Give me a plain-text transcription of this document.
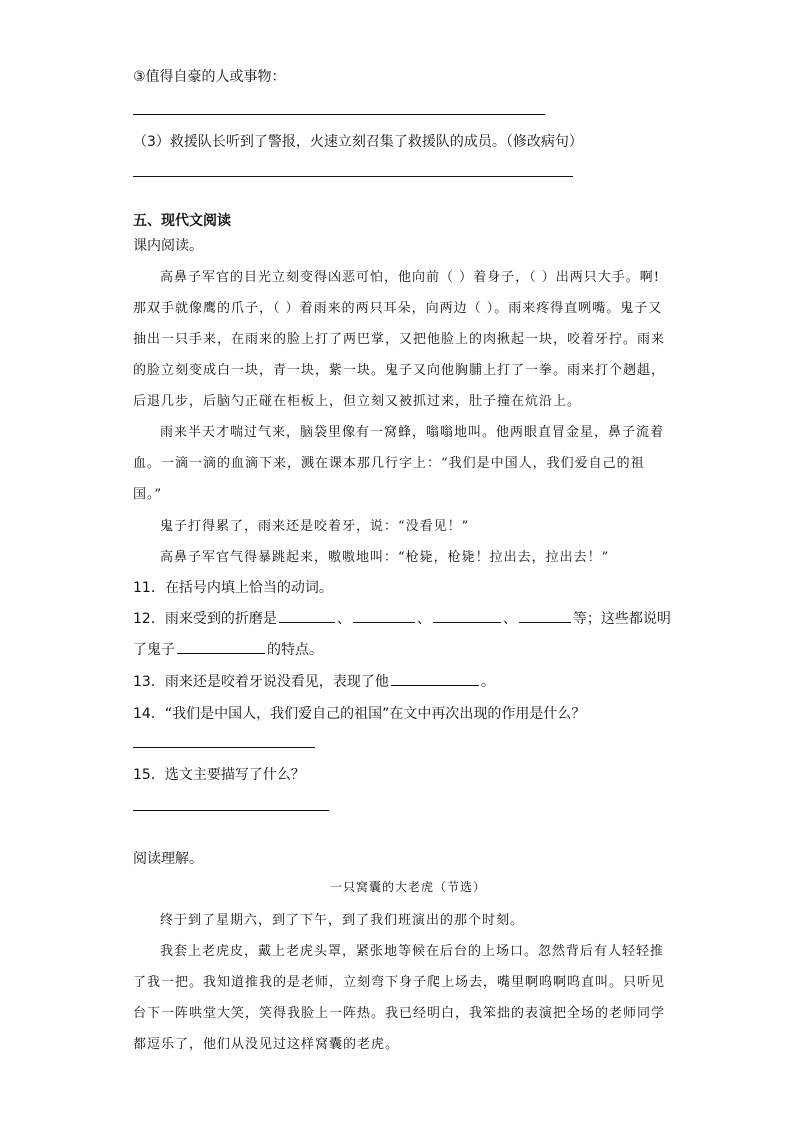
③值得自豪的人或事物：
（3）救援队长听到了警报，火速立刻召集了救援队的成员。（修改病句）
五、现代文阅读
课内阅读。
高鼻子军官的目光立刻变得凶恶可怕，他向前（ ）着身子，（ ）出两只大手。啊!
那双手就像鹰的爪子，（ ）着雨来的两只耳朵，向两边（ ）。雨来疼得直咧嘴。鬼子又
抽出一只手来，在雨来的脸上打了两巴掌，又把他脸上的肉揪起一块，咬着牙拧。雨来
的脸立刻变成白一块，青一块，紫一块。鬼子又向他胸脯上打了一拳。雨来打个趔趄，
后退几步，后脑勺正碰在柜板上，但立刻又被抓过来，肚子撞在炕沿上。
雨来半天才喘过气来，脑袋里像有一窝蜂，嗡嗡地叫。他两眼直冒金星，鼻子流着
血。一滴一滴的血滴下来，溅在课本那几行字上：“我们是中国人，我们爱自己的祖
国。”
鬼子打得累了，雨来还是咬着牙，说：“没看见！”
高鼻子军官气得暴跳起来，嗷嗷地叫：“枪毙，枪毙！拉出去，拉出去！”
11．在括号内填上恰当的动词。
12．雨来受到的折磨是	、	、	、	等；这些都说明
了鬼子	的特点。
13．雨来还是咬着牙说没看见，表现了他	。
14．“我们是中国人，我们爱自己的祖国”在文中再次出现的作用是什么？
15．选文主要描写了什么？
阅读理解。
一只窝囊的大老虎（节选）
终于到了星期六，到了下午，到了我们班演出的那个时刻。
我套上老虎皮，戴上老虎头罩，紧张地等候在后台的上场口。忽然背后有人轻轻推
了我一把。我知道推我的是老师，立刻弯下身子爬上场去，嘴里啊呜啊呜直叫。只听见
台下一阵哄堂大笑，笑得我脸上一阵热。我已经明白，我笨拙的表演把全场的老师同学
都逗乐了，他们从没见过这样窝囊的老虎。
